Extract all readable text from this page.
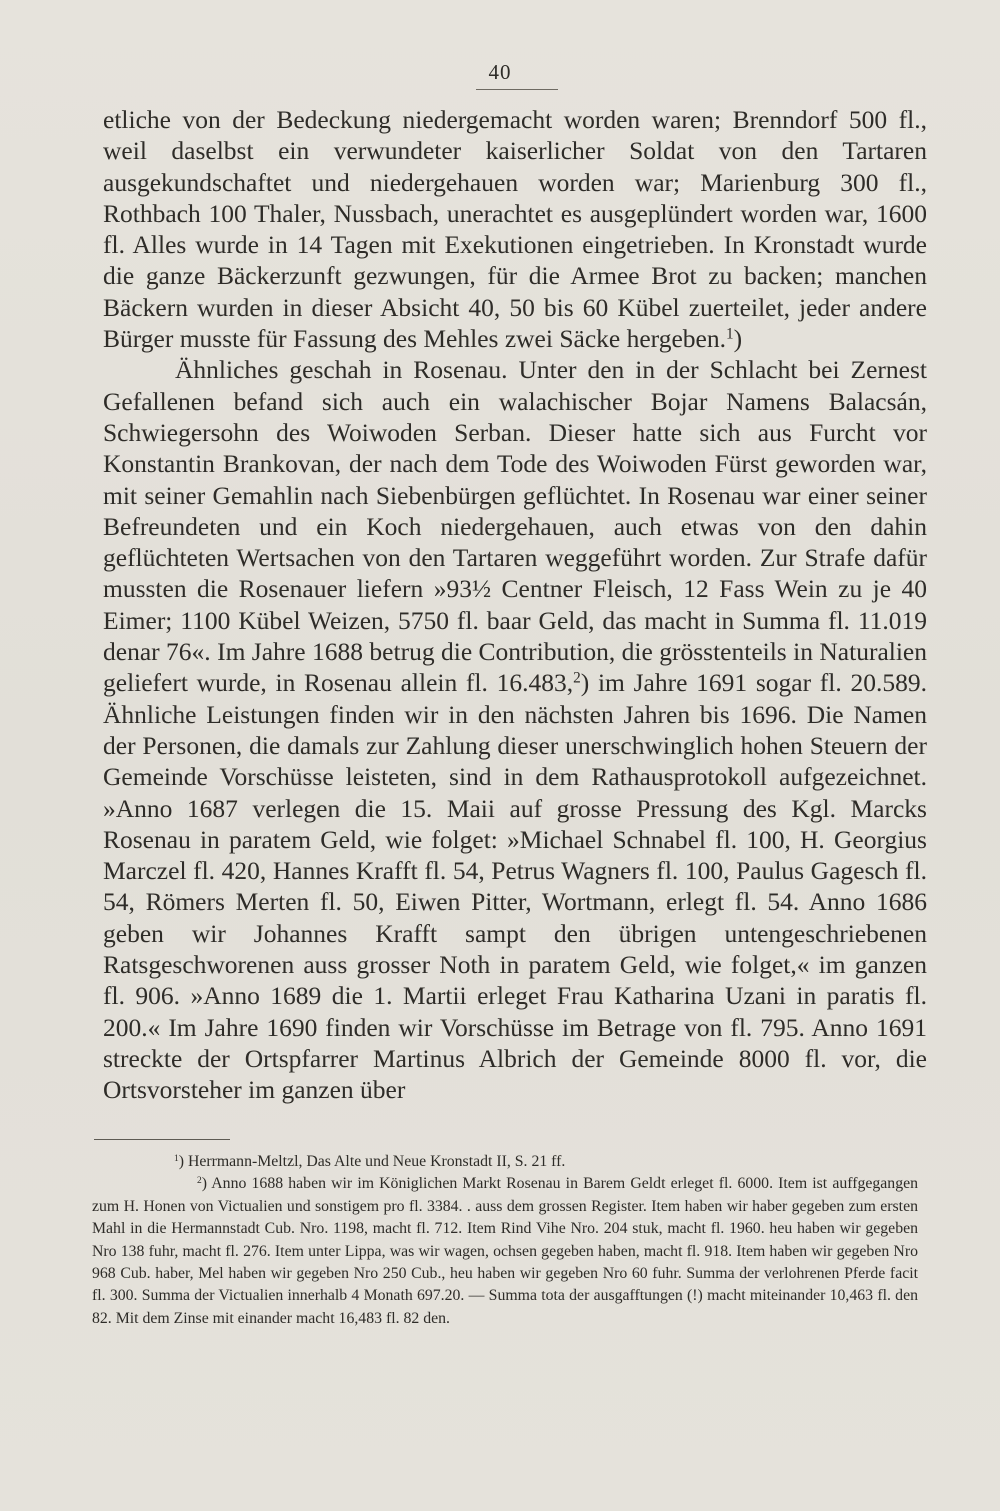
40

etliche von der Bedeckung niedergemacht worden waren; Brenndorf 500 fl., weil daselbst ein verwundeter kaiserlicher Soldat von den Tartaren ausgekundschaftet und niedergehauen worden war; Marienburg 300 fl., Rothbach 100 Thaler, Nussbach, unerachtet es ausgeplündert worden war, 1600 fl. Alles wurde in 14 Tagen mit Exekutionen eingetrieben. In Kronstadt wurde die ganze Bäckerzunft gezwungen, für die Armee Brot zu backen; manchen Bäckern wurden in dieser Absicht 40, 50 bis 60 Kübel zuerteilet, jeder andere Bürger musste für Fassung des Mehles zwei Säcke hergeben.$^1$)

Ähnliches geschah in Rosenau. Unter den in der Schlacht bei Zernest Gefallenen befand sich auch ein walachischer Bojar Namens Balacsán, Schwiegersohn des Woiwoden Serban. Dieser hatte sich aus Furcht vor Konstantin Brankovan, der nach dem Tode des Woiwoden Fürst geworden war, mit seiner Gemahlin nach Siebenbürgen geflüchtet. In Rosenau war einer seiner Befreundeten und ein Koch niedergehauen, auch etwas von den dahin geflüchteten Wertsachen von den Tartaren weggeführt worden. Zur Strafe dafür mussten die Rosenauer liefern »93½ Centner Fleisch, 12 Fass Wein zu je 40 Eimer; 1100 Kübel Weizen, 5750 fl. baar Geld, das macht in Summa fl. 11.019 denar 76«. Im Jahre 1688 betrug die Contribution, die grösstenteils in Naturalien geliefert wurde, in Rosenau allein fl. 16.483,$^2$) im Jahre 1691 sogar fl. 20.589. Ähnliche Leistungen finden wir in den nächsten Jahren bis 1696. Die Namen der Personen, die damals zur Zahlung dieser unerschwinglich hohen Steuern der Gemeinde Vorschüsse leisteten, sind in dem Rathausprotokoll aufgezeichnet. »Anno 1687 verlegen die 15. Maii auf grosse Pressung des Kgl. Marcks Rosenau in paratem Geld, wie folget: »Michael Schnabel fl. 100, H. Georgius Marczel fl. 420, Hannes Krafft fl. 54, Petrus Wagners fl. 100, Paulus Gagesch fl. 54, Römers Merten fl. 50, Eiwen Pitter, Wortmann, erlegt fl. 54. Anno 1686 geben wir Johannes Krafft sampt den übrigen untengeschriebenen Ratsgeschworenen auss grosser Noth in paratem Geld, wie folget,« im ganzen fl. 906. »Anno 1689 die 1. Martii erleget Frau Katharina Uzani in paratis fl. 200.« Im Jahre 1690 finden wir Vorschüsse im Betrage von fl. 795. Anno 1691 streckte der Ortspfarrer Martinus Albrich der Gemeinde 8000 fl. vor, die Ortsvorsteher im ganzen über

$^1$) Herrmann-Meltzl, Das Alte und Neue Kronstadt II, S. 21 ff.

$^2$) Anno 1688 haben wir im Königlichen Markt Rosenau in Barem Geldt erleget fl. 6000. Item ist auffgegangen zum H. Honen von Victualien und sonstigem pro fl. 3384. . auss dem grossen Register. Item haben wir haber gegeben zum ersten Mahl in die Hermannstadt Cub. Nro. 1198, macht fl. 712. Item Rind Vihe Nro. 204 stuk, macht fl. 1960. heu haben wir gegeben Nro 138 fuhr, macht fl. 276. Item unter Lippa, was wir wagen, ochsen gegeben haben, macht fl. 918. Item haben wir gegeben Nro 968 Cub. haber, Mel haben wir gegeben Nro 250 Cub., heu haben wir gegeben Nro 60 fuhr. Summa der verlohrenen Pferde facit fl. 300. Summa der Victualien innerhalb 4 Monath 697.20. — Summa tota der ausgafftungen (!) macht miteinander 10,463 fl. den 82. Mit dem Zinse mit einander macht 16,483 fl. 82 den.
